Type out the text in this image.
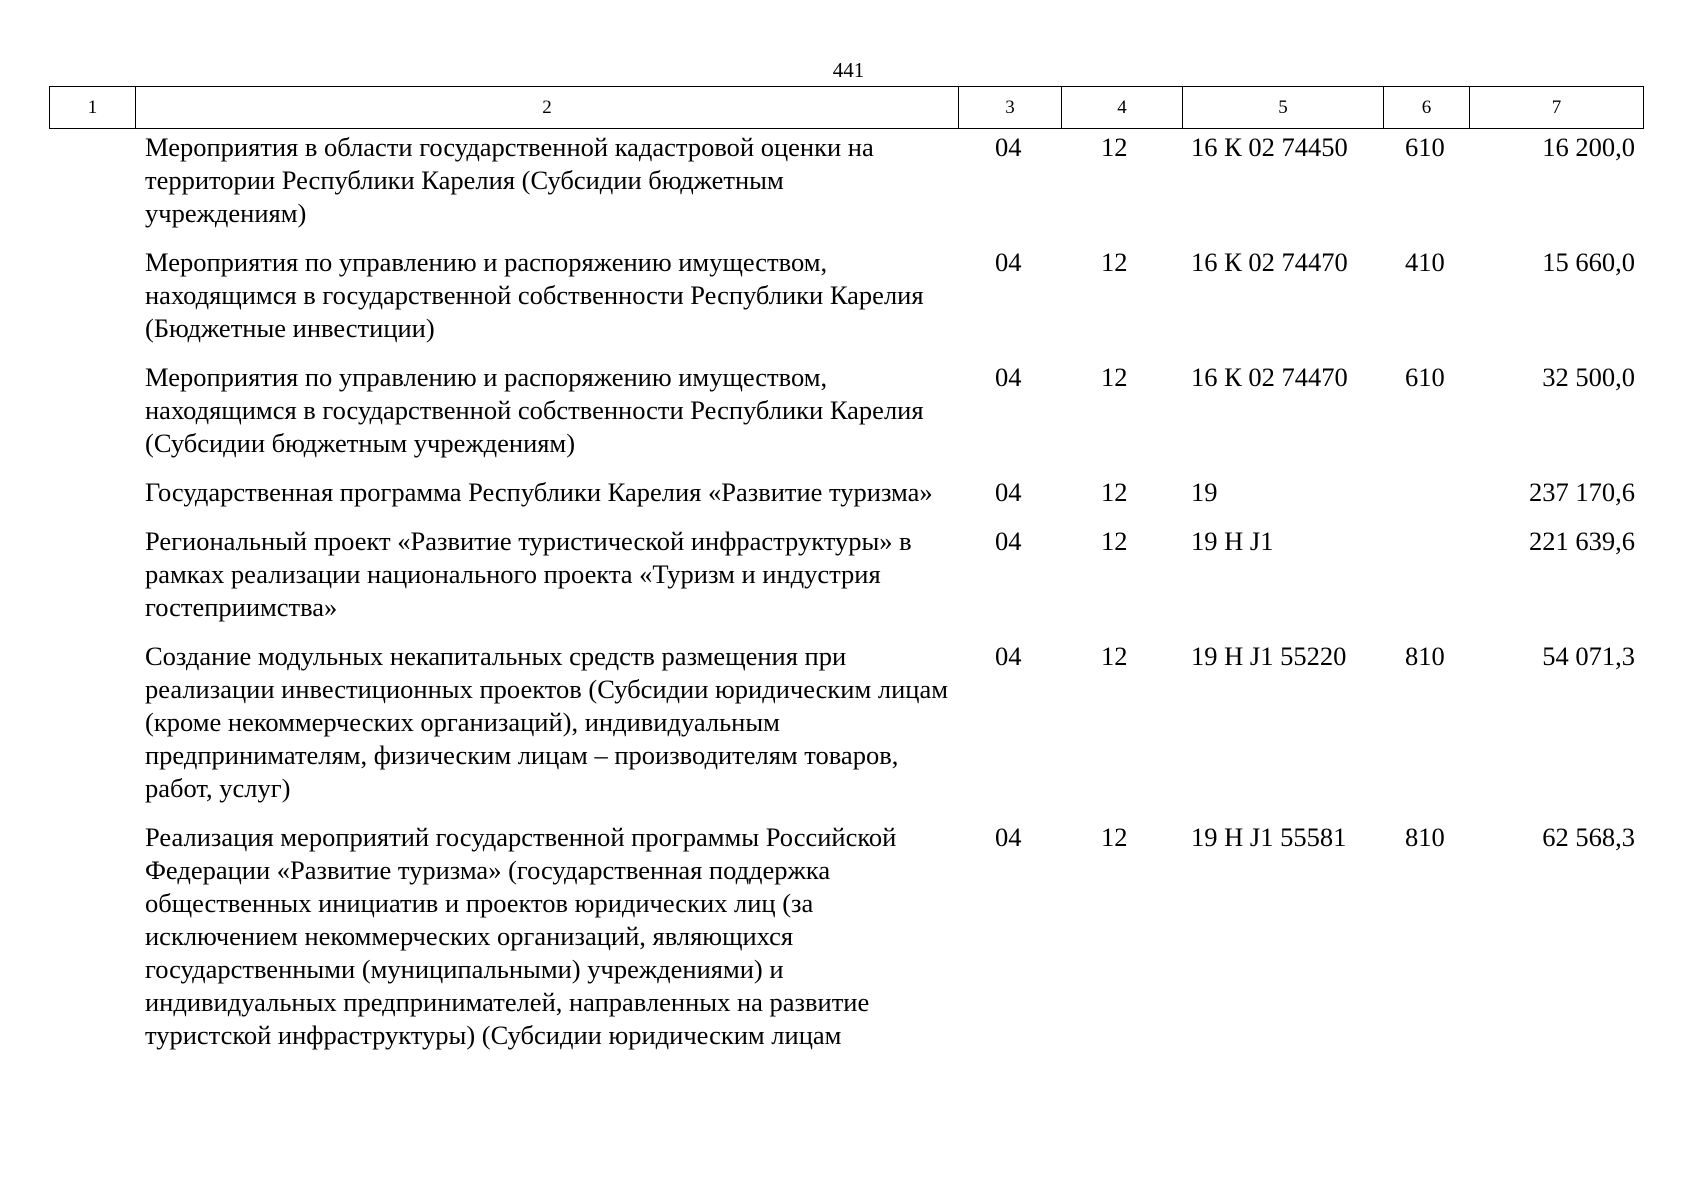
441
1	2	3	4	5	6	7
	Мероприятия в области государственной кадастровой оценки на территории Республики Карелия (Субсидии бюджетным учреждениям)	04	12	16 К 02 74450	610	16 200,0
	Мероприятия по управлению и распоряжению имуществом, находящимся в государственной собственности Республики Карелия (Бюджетные инвестиции)	04	12	16 К 02 74470	410	15 660,0
	Мероприятия по управлению и распоряжению имуществом, находящимся в государственной собственности Республики Карелия (Субсидии бюджетным учреждениям)	04	12	16 К 02 74470	610	32 500,0
	Государственная программа Республики Карелия «Развитие туризма»	04	12	19		237 170,6
	Региональный проект «Развитие туристической инфраструктуры» в рамках реализации национального проекта «Туризм и индустрия гостеприимства»	04	12	19 Н J1		221 639,6
	Создание модульных некапитальных средств размещения при реализации инвестиционных проектов (Субсидии юридическим лицам (кроме некоммерческих организаций), индивидуальным предпринимателям, физическим лицам – производителям товаров, работ, услуг)	04	12	19 Н J1 55220	810	54 071,3
	Реализация мероприятий государственной программы Российской Федерации «Развитие туризма» (государственная поддержка общественных инициатив и проектов юридических лиц (за исключением некоммерческих организаций, являющихся государственными (муниципальными) учреждениями) и индивидуальных предпринимателей, направленных на развитие туристской инфраструктуры) (Субсидии юридическим лицам	04	12	19 Н J1 55581	810	62 568,3
